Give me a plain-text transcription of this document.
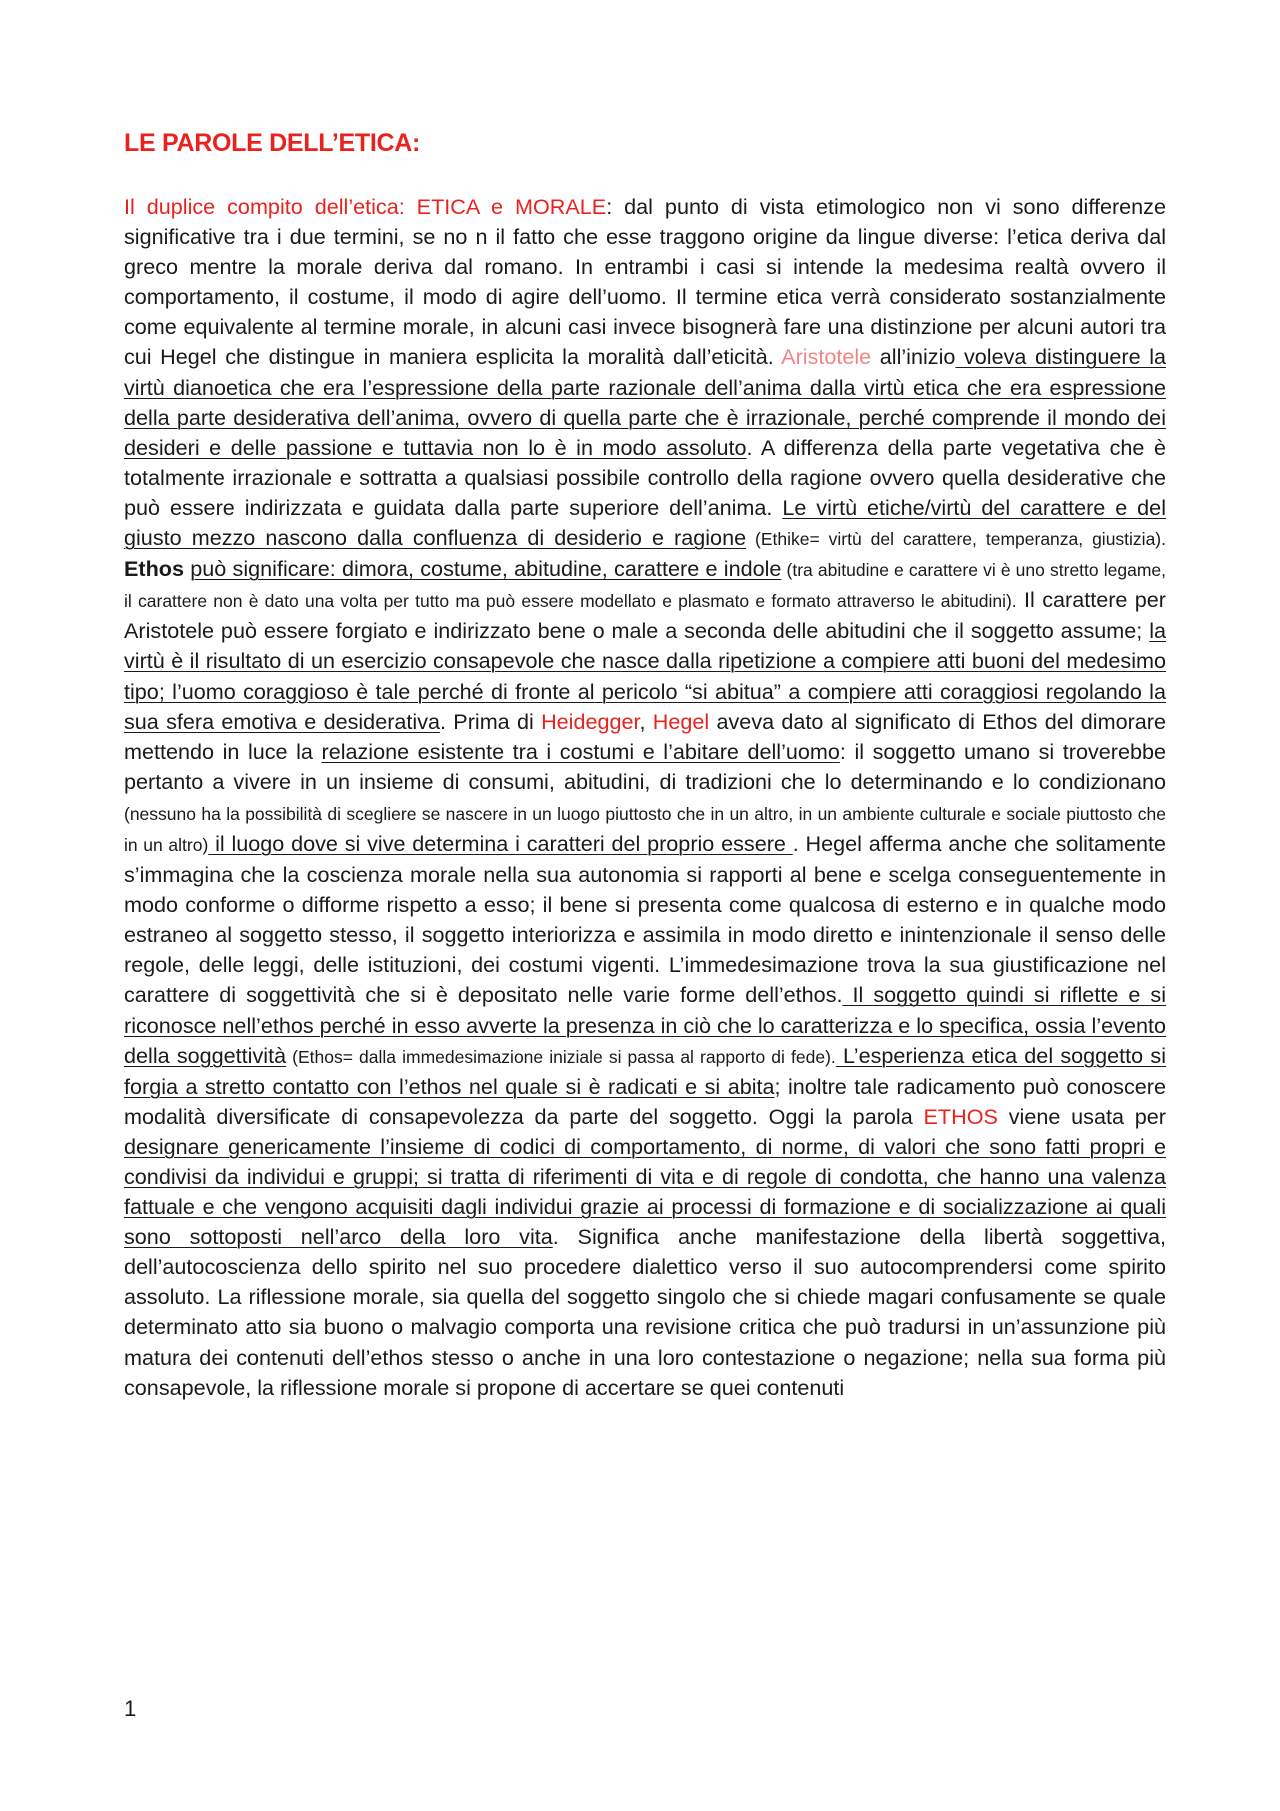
LE PAROLE DELL’ETICA:

Il duplice compito dell’etica: ETICA e MORALE: dal punto di vista etimologico non vi sono differenze significative tra i due termini, se no n il fatto che esse traggono origine da lingue diverse: l’etica deriva dal greco mentre la morale deriva dal romano. In entrambi i casi si intende la medesima realtà ovvero il comportamento, il costume, il modo di agire dell’uomo. Il termine etica verrà considerato sostanzialmente come equivalente al termine morale, in alcuni casi invece bisognerà fare una distinzione per alcuni autori tra cui Hegel che distingue in maniera esplicita la moralità dall’eticità. Aristotele all’inizio voleva distinguere la virtù dianoetica che era l’espressione della parte razionale dell’anima dalla virtù etica che era espressione della parte desiderativa dell’anima, ovvero di quella parte che è irrazionale, perché comprende il mondo dei desideri e delle passione e tuttavia non lo è in modo assoluto. A differenza della parte vegetativa che è totalmente irrazionale e sottratta a qualsiasi possibile controllo della ragione ovvero quella desiderative che può essere indirizzata e guidata dalla parte superiore dell’anima. Le virtù etiche/virtù del carattere e del giusto mezzo nascono dalla confluenza di desiderio e ragione (Ethike= virtù del carattere, temperanza, giustizia). Ethos può significare: dimora, costume, abitudine, carattere e indole (tra abitudine e carattere vi è uno stretto legame, il carattere non è dato una volta per tutto ma può essere modellato e plasmato e formato attraverso le abitudini). Il carattere per Aristotele può essere forgiato e indirizzato bene o male a seconda delle abitudini che il soggetto assume; la virtù è il risultato di un esercizio consapevole che nasce dalla ripetizione a compiere atti buoni del medesimo tipo; l’uomo coraggioso è tale perché di fronte al pericolo “si abitua” a compiere atti coraggiosi regolando la sua sfera emotiva e desiderativa. Prima di Heidegger, Hegel aveva dato al significato di Ethos del dimorare mettendo in luce la relazione esistente tra i costumi e l’abitare dell’uomo: il soggetto umano si troverebbe pertanto a vivere in un insieme di consumi, abitudini, di tradizioni che lo determinando e lo condizionano (nessuno ha la possibilità di scegliere se nascere in un luogo piuttosto che in un altro, in un ambiente culturale e sociale piuttosto che in un altro) il luogo dove si vive determina i caratteri del proprio essere . Hegel afferma anche che solitamente s’immagina che la coscienza morale nella sua autonomia si rapporti al bene e scelga conseguentemente in modo conforme o difforme rispetto a esso; il bene si presenta come qualcosa di esterno e in qualche modo estraneo al soggetto stesso, il soggetto interiorizza e assimila in modo diretto e inintenzionale il senso delle regole, delle leggi, delle istituzioni, dei costumi vigenti. L’immedesimazione trova la sua giustificazione nel carattere di soggettività che si è depositato nelle varie forme dell’ethos. Il soggetto quindi si riflette e si riconosce nell’ethos perché in esso avverte la presenza in ciò che lo caratterizza e lo specifica, ossia l’evento della soggettività (Ethos= dalla immedesimazione iniziale si passa al rapporto di fede). L’esperienza etica del soggetto si forgia a stretto contatto con l’ethos nel quale si è radicati e si abita; inoltre tale radicamento può conoscere modalità diversificate di consapevolezza da parte del soggetto. Oggi la parola ETHOS viene usata per designare genericamente l’insieme di codici di comportamento, di norme, di valori che sono fatti propri e condivisi da individui e gruppi; si tratta di riferimenti di vita e di regole di condotta, che hanno una valenza fattuale e che vengono acquisiti dagli individui grazie ai processi di formazione e di socializzazione ai quali sono sottoposti nell’arco della loro vita. Significa anche manifestazione della libertà soggettiva, dell’autocoscienza dello spirito nel suo procedere dialettico verso il suo autocomprendersi come spirito assoluto. La riflessione morale, sia quella del soggetto singolo che si chiede magari confusamente se quale determinato atto sia buono o malvagio comporta una revisione critica che può tradursi in un’assunzione più matura dei contenuti dell’ethos stesso o anche in una loro contestazione o negazione; nella sua forma più consapevole, la riflessione morale si propone di accertare se quei contenuti

1
